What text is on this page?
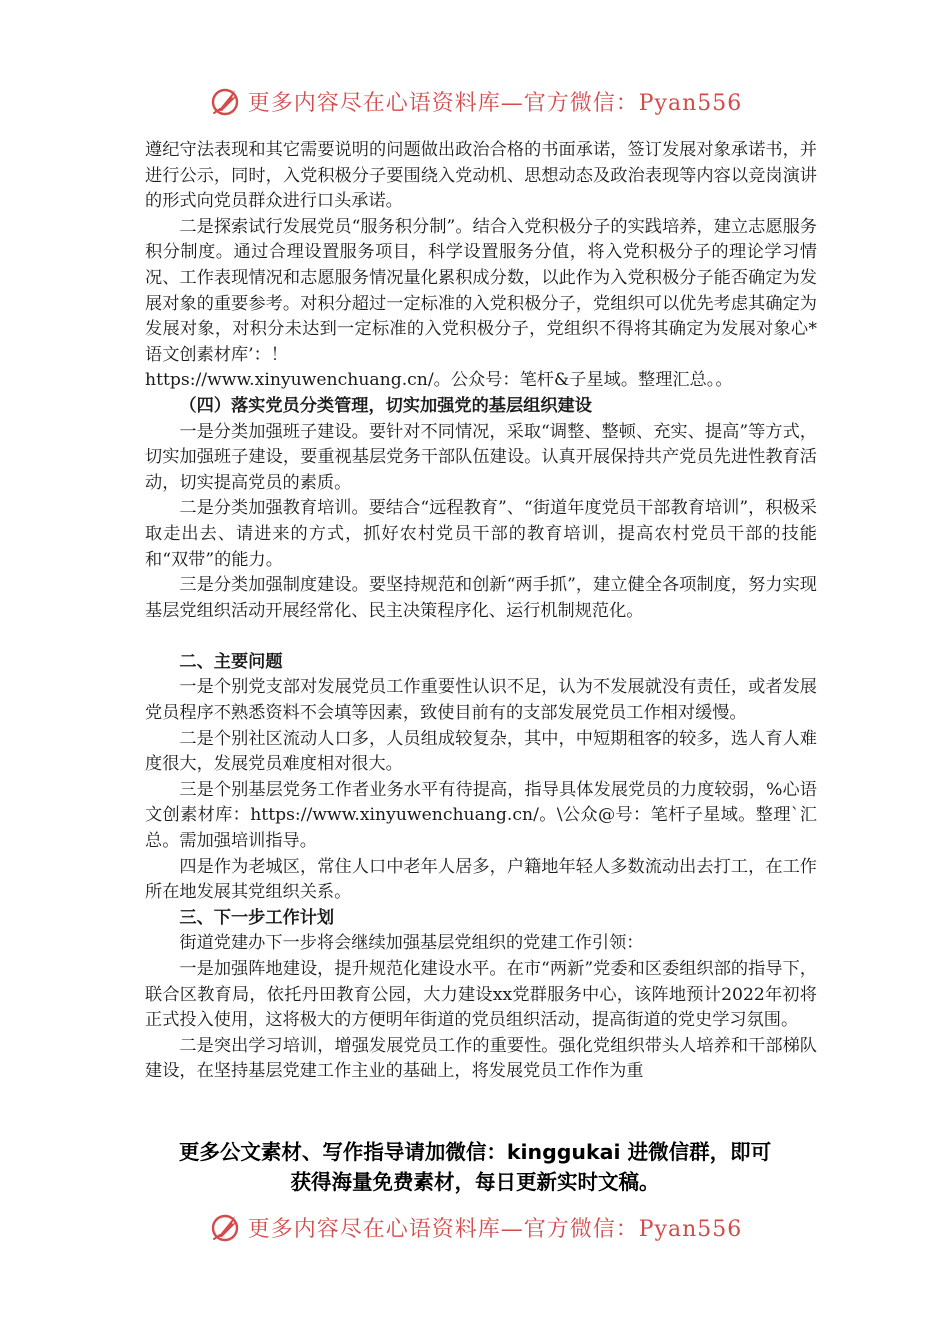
更多内容尽在心语资料库—官方微信：Pyan556

遵纪守法表现和其它需要说明的问题做出政治合格的书面承诺，签订发展对象承诺书，并进行公示，同时，入党积极分子要围绕入党动机、思想动态及政治表现等内容以竞岗演讲的形式向党员群众进行口头承诺。

二是探索试行发展党员“服务积分制”。结合入党积极分子的实践培养，建立志愿服务积分制度。通过合理设置服务项目，科学设置服务分值，将入党积极分子的理论学习情况、工作表现情况和志愿服务情况量化累积成分数，以此作为入党积极分子能否确定为发展对象的重要参考。对积分超过一定标准的入党积极分子，党组织可以优先考虑其确定为发展对象，对积分未达到一定标准的入党积极分子，党组织不得将其确定为发展对象心*语文创素材库’：！

https://www.xinyuwenchuang.cn/。公众号：笔杆&子星域。整理汇总。。

（四）落实党员分类管理，切实加强党的基层组织建设

一是分类加强班子建设。要针对不同情况，采取“调整、整顿、充实、提高”等方式，切实加强班子建设，要重视基层党务干部队伍建设。认真开展保持共产党员先进性教育活动，切实提高党员的素质。

二是分类加强教育培训。要结合“远程教育”、“街道年度党员干部教育培训”，积极采取走出去、请进来的方式，抓好农村党员干部的教育培训，提高农村党员干部的技能和“双带”的能力。

三是分类加强制度建设。要坚持规范和创新“两手抓”，建立健全各项制度，努力实现基层党组织活动开展经常化、民主决策程序化、运行机制规范化。

二、主要问题

一是个别党支部对发展党员工作重要性认识不足，认为不发展就没有责任，或者发展党员程序不熟悉资料不会填等因素，致使目前有的支部发展党员工作相对缓慢。

二是个别社区流动人口多，人员组成较复杂，其中，中短期租客的较多，选人育人难度很大，发展党员难度相对很大。

三是个别基层党务工作者业务水平有待提高，指导具体发展党员的力度较弱，%心语文创素材库：https://www.xinyuwenchuang.cn/。\公众@号：笔杆子星域。整理`汇总。需加强培训指导。

四是作为老城区，常住人口中老年人居多，户籍地年轻人多数流动出去打工，在工作所在地发展其党组织关系。

三、下一步工作计划

街道党建办下一步将会继续加强基层党组织的党建工作引领：

一是加强阵地建设，提升规范化建设水平。在市“两新”党委和区委组织部的指导下，联合区教育局，依托丹田教育公园，大力建设xx党群服务中心，该阵地预计2022年初将正式投入使用，这将极大的方便明年街道的党员组织活动，提高街道的党史学习氛围。

二是突出学习培训，增强发展党员工作的重要性。强化党组织带头人培养和干部梯队建设，在坚持基层党建工作主业的基础上，将发展党员工作作为重

更多公文素材、写作指导请加微信：kinggukai 进微信群，即可
获得海量免费素材，每日更新实时文稿。
更多内容尽在心语资料库—官方微信：Pyan556
